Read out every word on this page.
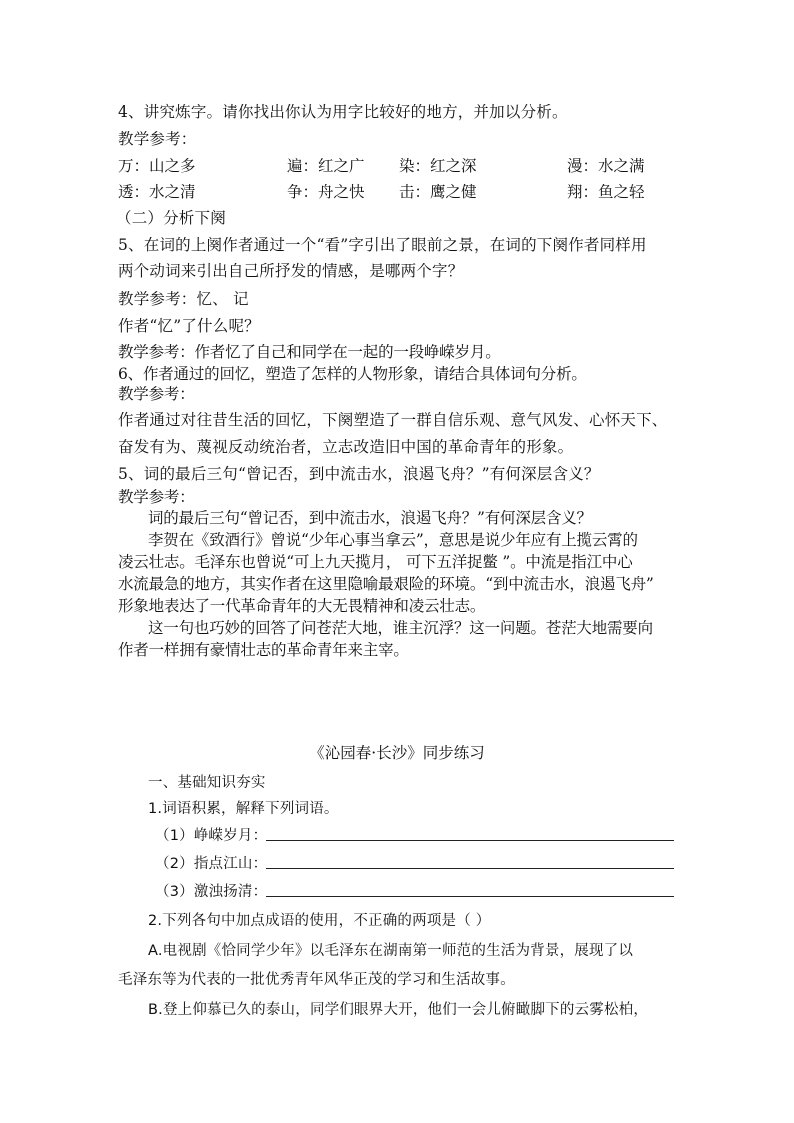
4、讲究炼字。请你找出你认为用字比较好的地方，并加以分析。
教学参考：
万：山之多	遍：红之广 染：红之深	漫：水之满
透：水之清	争：舟之快 击：鹰之健	翔：鱼之轻
（二）分析下阕
5、在词的上阕作者通过一个“看”字引出了眼前之景，在词的下阕作者同样用
两个动词来引出自己所抒发的情感，是哪两个字？
教学参考：忆、 记
作者“忆”了什么呢？
教学参考：作者忆了自己和同学在一起的一段峥嵘岁月。
6、作者通过的回忆，塑造了怎样的人物形象，请结合具体词句分析。
教学参考：
作者通过对往昔生活的回忆，下阕塑造了一群自信乐观、意气风发、心怀天下、
奋发有为、蔑视反动统治者，立志改造旧中国的革命青年的形象。
5、词的最后三句“曾记否，到中流击水，浪遏飞舟？”有何深层含义？
教学参考：
词的最后三句“曾记否，到中流击水，浪遏飞舟？”有何深层含义？
李贺在《致酒行》曾说“少年心事当拿云”，意思是说少年应有上揽云霄的
凌云壮志。毛泽东也曾说“可上九天揽月， 可下五洋捉鳖 ”。中流是指江中心
水流最急的地方，其实作者在这里隐喻最艰险的环境。“到中流击水，浪遏飞舟”
形象地表达了一代革命青年的大无畏精神和凌云壮志。
这一句也巧妙的回答了问苍茫大地，谁主沉浮？这一问题。苍茫大地需要向
作者一样拥有豪情壮志的革命青年来主宰。
《沁园春·长沙》同步练习
一、基础知识夯实
1.词语积累，解释下列词语。
（1）峥嵘岁月：
（2）指点江山：
（3）激浊扬清：
2.下列各句中加点成语的使用，不正确的两项是（ ）
A.电视剧《恰同学少年》以毛泽东在湖南第一师范的生活为背景，展现了以
毛泽东等为代表的一批优秀青年风华正茂的学习和生活故事。
B.登上仰慕已久的泰山，同学们眼界大开，他们一会儿俯瞰脚下的云雾松柏，
